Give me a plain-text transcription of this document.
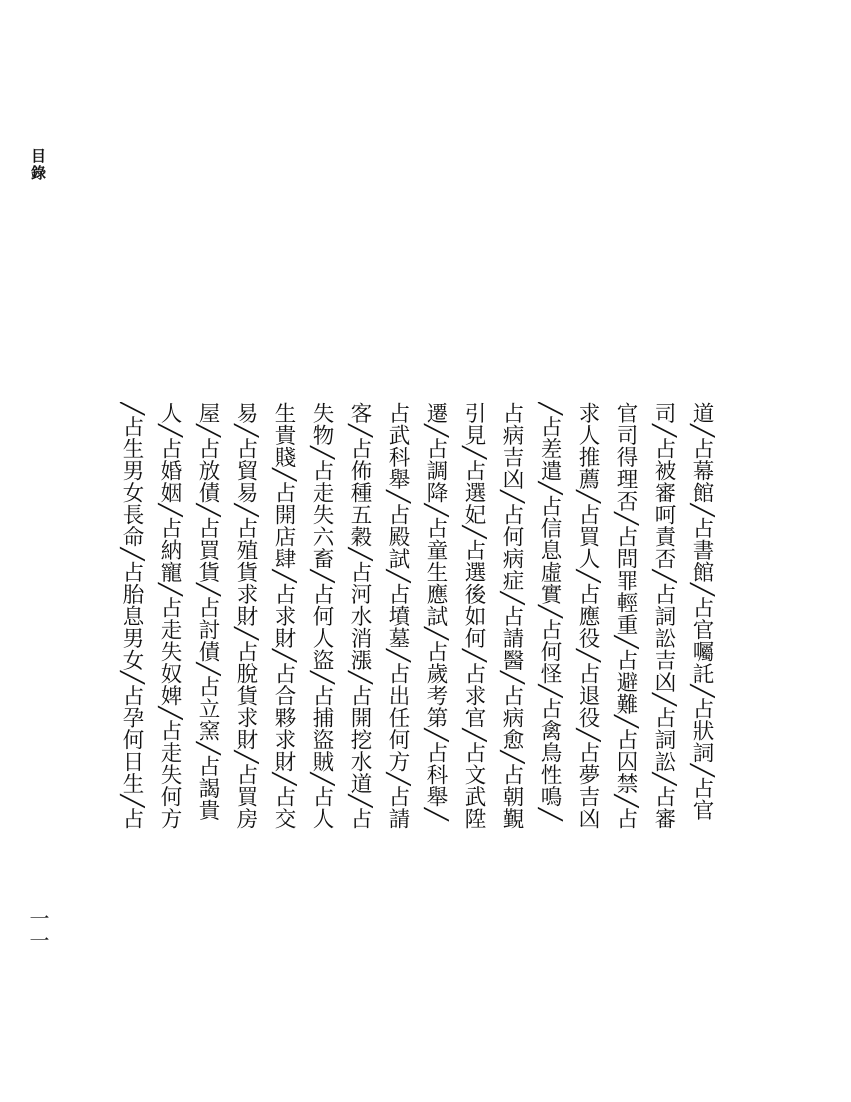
目錄
道╱占幕館╱占書館╱占官囑託╱占狀詞╱占官
司╱占被審呵責否╱占詞訟吉凶╱占詞訟╱占審
官司得理否╱占問罪輕重╱占避難╱占囚禁╱占
求人推薦╱占買人╱占應役╱占退役╱占夢吉凶
╱占差遣╱占信息虛實╱占何怪╱占禽鳥性鳴╱
占病吉凶╱占何病症╱占請醫╱占病愈╱占朝覲
引見╱占選妃╱占選後如何╱占求官╱占文武陞
遷╱占調降╱占童生應試╱占歲考第╱占科舉╱
占武科舉╱占殿試╱占墳墓╱占出任何方╱占請
客╱占佈種五穀╱占河水消漲╱占開挖水道╱占
失物╱占走失六畜╱占何人盜╱占捕盜賊╱占人
生貴賤╱占開店肆╱占求財╱占合夥求財╱占交
易╱占貿易╱占殖貨求財╱占脫貨求財╱占買房
屋╱占放債╱占買貨╱占討債╱占立窯╱占謁貴
人╱占婚姻╱占納寵╱占走失奴婢╱占走失何方
╱占生男女長命╱占胎息男女╱占孕何日生╱占
一一
